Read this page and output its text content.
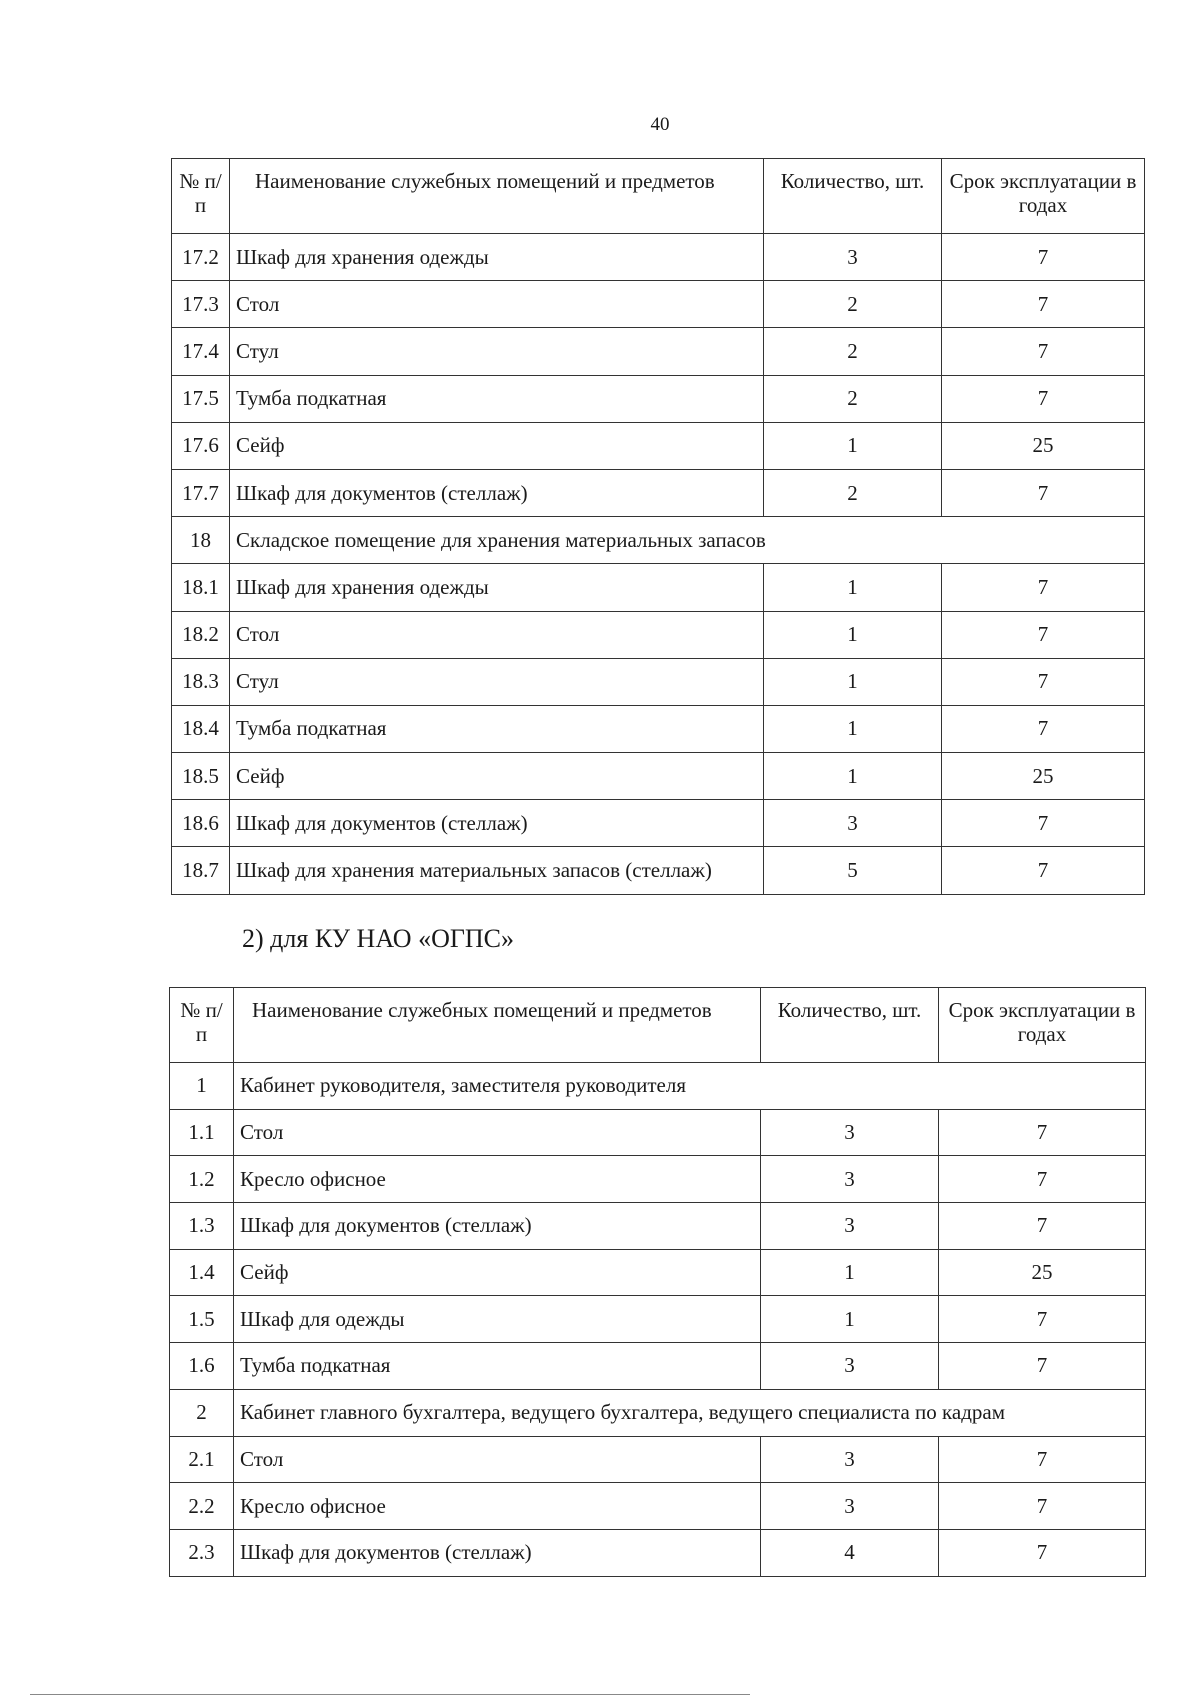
40
№ п/п	Наименование служебных помещений и предметов	Количество, шт.	Срок эксплуатации в годах
17.2	Шкаф для хранения одежды	3	7
17.3	Стол	2	7
17.4	Стул	2	7
17.5	Тумба подкатная	2	7
17.6	Сейф	1	25
17.7	Шкаф для документов (стеллаж)	2	7
18	Складское помещение для хранения материальных запасов		
18.1	Шкаф для хранения одежды	1	7
18.2	Стол	1	7
18.3	Стул	1	7
18.4	Тумба подкатная	1	7
18.5	Сейф	1	25
18.6	Шкаф для документов (стеллаж)	3	7
18.7	Шкаф для хранения материальных запасов (стеллаж)	5	7
2) для КУ НАО «ОГПС»
№ п/п	Наименование служебных помещений и предметов	Количество, шт.	Срок эксплуатации в годах
1	Кабинет руководителя, заместителя руководителя		
1.1	Стол	3	7
1.2	Кресло офисное	3	7
1.3	Шкаф для документов (стеллаж)	3	7
1.4	Сейф	1	25
1.5	Шкаф для одежды	1	7
1.6	Тумба подкатная	3	7
2	Кабинет главного бухгалтера, ведущего бухгалтера, ведущего специалиста по кадрам		
2.1	Стол	3	7
2.2	Кресло офисное	3	7
2.3	Шкаф для документов (стеллаж)	4	7
